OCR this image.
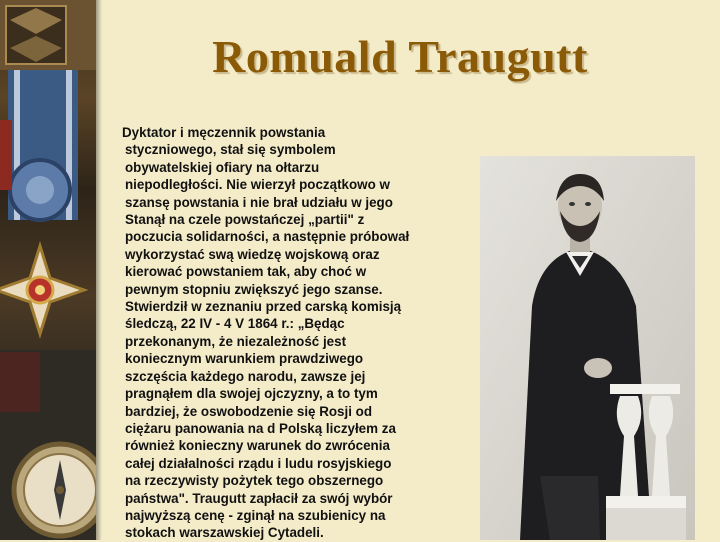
Romuald Traugutt

Dyktator i męczennik powstania

styczniowego, stał się symbolem

obywatelskiej ofiary na ołtarzu

niepodległości. Nie wierzył początkowo w

szansę powstania i nie brał udziału w jego

Stanął na czele powstańczej „partii" z

poczucia solidarności, a następnie próbował

wykorzystać swą wiedzę wojskową oraz

kierować powstaniem tak, aby choć w

pewnym stopniu zwiększyć jego szanse.

Stwierdził w zeznaniu przed carską komisją

śledczą, 22 IV - 4 V 1864 r.: „Będąc

przekonanym, że niezależność jest

koniecznym warunkiem prawdziwego

szczęścia każdego narodu, zawsze jej

pragnąłem dla swojej ojczyzny, a to tym

bardziej, że oswobodzenie się Rosji od

ciężaru panowania na d Polską liczyłem za

również konieczny warunek do zwrócenia

całej działalności rządu i ludu rosyjskiego

na rzeczywisty pożytek tego obszernego

państwa". Traugutt zapłacił za swój wybór

najwyższą cenę - zginął na szubienicy na

stokach warszawskiej Cytadeli.
